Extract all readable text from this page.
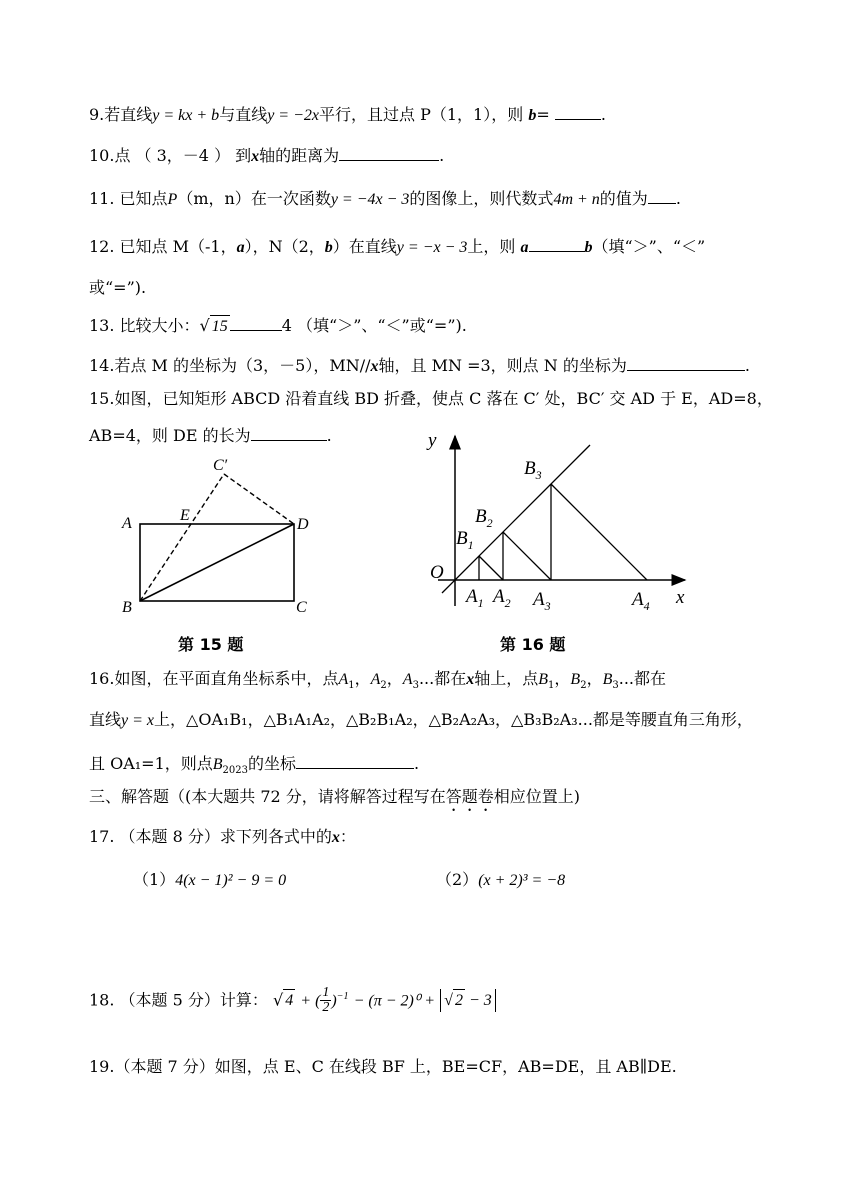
9.若直线y = kx + b与直线y = −2x平行，且过点 P（1，1），则 b=	.
10.点 （ 3，－4 ） 到x轴的距离为	.
11. 已知点P（m，n）在一次函数y = −4x − 3的图像上，则代数式4m + n的值为 .
12. 已知点 M（-1，a），N（2，b）在直线y = −x − 3上，则 a	b（填“＞”、“＜”
或“=”).
13. 比较大小：√ 15	4 （填“＞”、“＜”或“=”).
14.若点 M 的坐标为（3，－5），MN//x轴，且 MN =3，则点 N 的坐标为	.
15.如图，已知矩形 ABCD 沿着直线 BD 折叠，使点 C 落在 C′ 处，BC′ 交 AD 于 E，AD=8，
AB=4，则 DE 的长为	.
A
B	C
D
E
C′
第 15 题
y
x
O
$A_1$ $A_2$ $A_3$	$A_4$
$B_1$
$B_2$
$B_3$
第 16 题
16.如图，在平面直角坐标系中，点$A_1$，$A_2$，$A_3$...都在x轴上，点$B_1$，$B_2$，$B_3$...都在
直线y = x上，△OA₁B₁，△B₁A₁A₂，△B₂B₁A₂，△B₂A₂A₃，△B₃B₂A₃...都是等腰直角三角形，
且 OA₁=1，则点$B_{2023}$的坐标	.
三、解答题（(本大题共 72 分，请将解答过程写在答题卷相应位置上)
17. （本题 8 分）求下列各式中的x：
（1）4(x − 1)² − 9 = 0	（2）(x + 2)³ = −8
18. （本题 5 分）计算： √ 4 + ( $\frac{1}{2} )^{-1} - (\pi - 2)^0$ + √ 2 − 3
19.（本题 7 分）如图，点 E、C 在线段 BF 上，BE=CF，AB=DE，且 AB∥DE.
